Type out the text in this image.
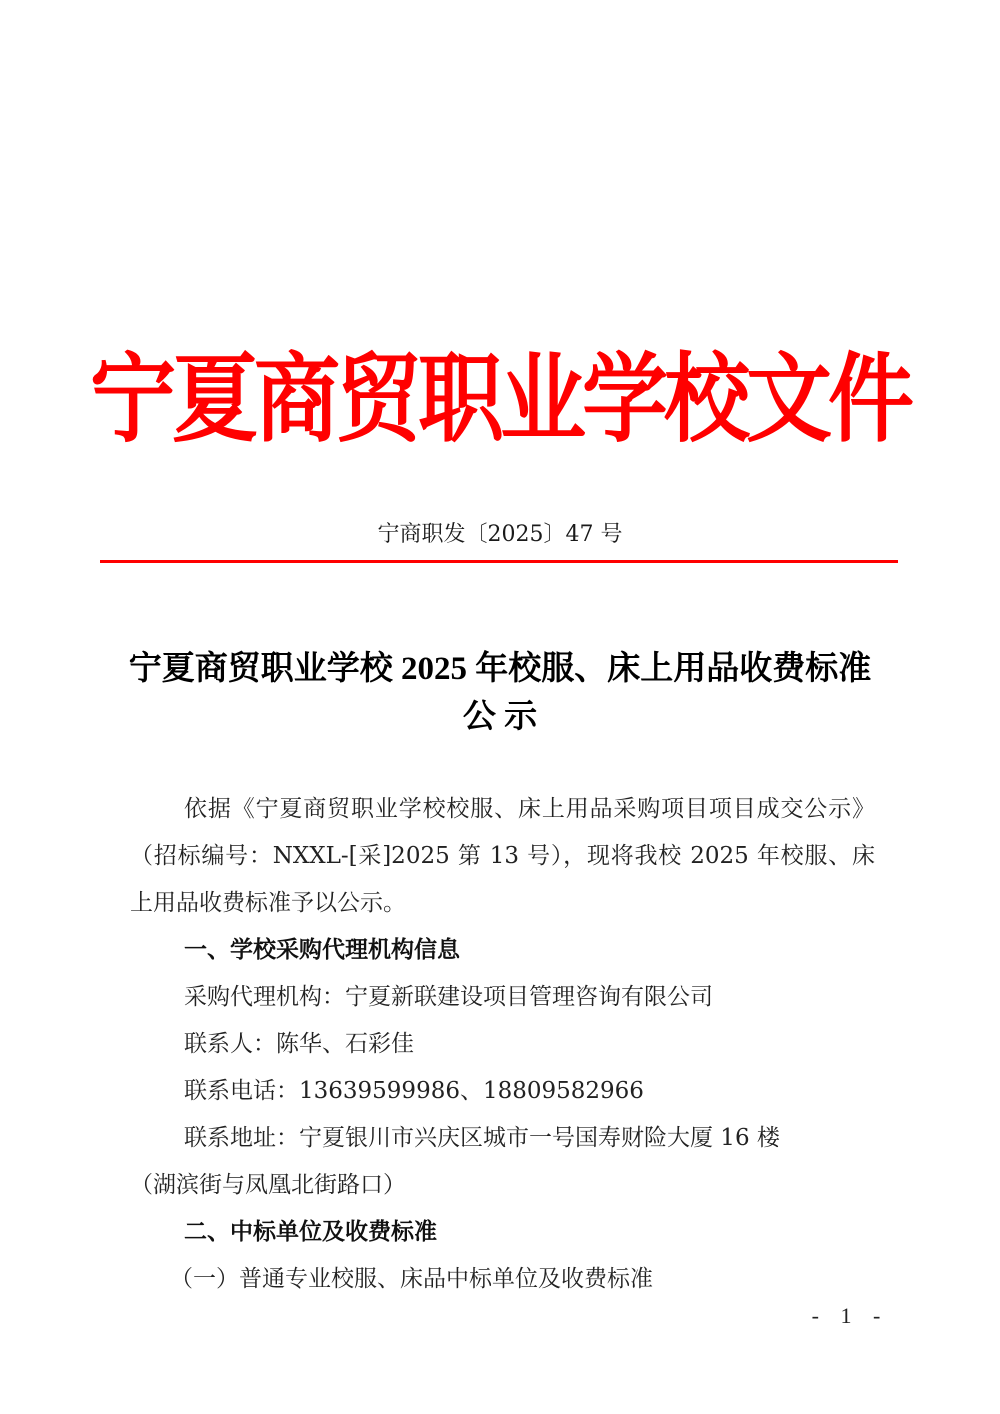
宁夏商贸职业学校文件
宁商职发〔2025〕47 号
宁夏商贸职业学校 2025 年校服、床上用品收费标准
公 示

依据《宁夏商贸职业学校校服、床上用品采购项目项目成交公示》（招标编号：NXXL-[采]2025 第 13 号），现将我校 2025 年校服、床上用品收费标准予以公示。

一、学校采购代理机构信息

采购代理机构：宁夏新联建设项目管理咨询有限公司

联系人：陈华、石彩佳

联系电话：13639599986、18809582966

联系地址：宁夏银川市兴庆区城市一号国寿财险大厦 16 楼

（湖滨街与凤凰北街路口）

二、中标单位及收费标准

（一）普通专业校服、床品中标单位及收费标准

- 1 -
